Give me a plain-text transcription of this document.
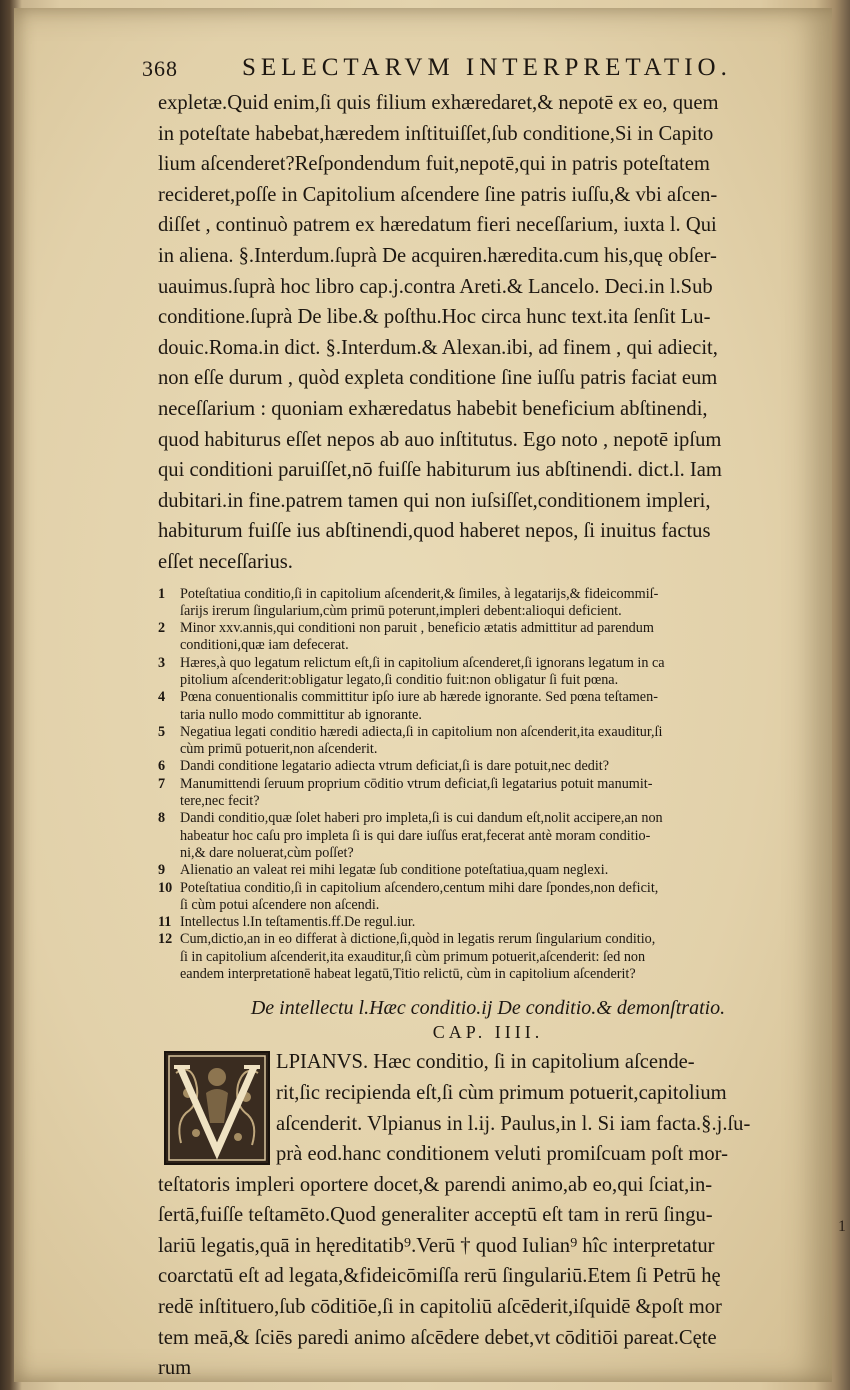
368	SELECTARVM INTERPRETATIO.
expletæ.Quid enim,ſi quis filium exhæredaret,& nepotē ex eo, quem
in poteſtate habebat,hæredem inſtituiſſet,ſub conditione,Si in Capito
lium aſcenderet?Reſpondendum fuit,nepotē,qui in patris poteſtatem
recideret,poſſe in Capitolium aſcendere ſine patris iuſſu,& vbi aſcen-
diſſet , continuò patrem ex hæredatum fieri neceſſarium, iuxta l. Qui
in aliena. §.Interdum.ſuprà De acquiren.hæredita.cum his,quę obſer-
uauimus.ſuprà hoc libro cap.j.contra Areti.& Lancelo. Deci.in l.Sub
conditione.ſuprà De libe.& poſthu.Hoc circa hunc text.ita ſenſit Lu-
douic.Roma.in dict. §.Interdum.& Alexan.ibi, ad finem , qui adiecit,
non eſſe durum , quòd expleta conditione ſine iuſſu patris faciat eum
neceſſarium : quoniam exhæredatus habebit beneficium abſtinendi,
quod habiturus eſſet nepos ab auo inſtitutus. Ego noto , nepotē ipſum
qui conditioni paruiſſet,nō fuiſſe habiturum ius abſtinendi. dict.l. Iam
dubitari.in fine.patrem tamen qui non iuſsiſſet,conditionem impleri,
habiturum fuiſſe ius abſtinendi,quod haberet nepos, ſi inuitus factus
eſſet neceſſarius.
1	Poteſtatiua conditio,ſi in capitolium aſcenderit,& ſimiles, à legatarijs,& fideicommiſ-
ſarijs irerum ſingularium,cùm primū poterunt,impleri debent:alioqui deficient.
2	Minor xxv.annis,qui conditioni non paruit , beneficio ætatis admittitur ad parendum
conditioni,quæ iam defecerat.
3	Hæres,à quo legatum relictum eſt,ſi in capitolium aſcenderet,ſi ignorans legatum in ca
pitolium aſcenderit:obligatur legato,ſi conditio fuit:non obligatur ſi fuit pœna.
4	Pœna conuentionalis committitur ipſo iure ab hærede ignorante. Sed pœna teſtamen-
taria nullo modo committitur ab ignorante.
5	Negatiua legati conditio hæredi adiecta,ſi in capitolium non aſcenderit,ita exauditur,ſi
cùm primū potuerit,non aſcenderit.
6	Dandi conditione legatario adiecta vtrum deficiat,ſi is dare potuit,nec dedit?
7	Manumittendi ſeruum proprium cōditio vtrum deficiat,ſi legatarius potuit manumit-
tere,nec fecit?
8	Dandi conditio,quæ ſolet haberi pro impleta,ſi is cui dandum eſt,nolit accipere,an non
habeatur hoc caſu pro impleta ſi is qui dare iuſſus erat,fecerat antè moram conditio-
ni,& dare noluerat,cùm poſſet?
9	Alienatio an valeat rei mihi legatæ ſub conditione poteſtatiua,quam neglexi.
10 Poteſtatiua conditio,ſi in capitolium aſcendero,centum mihi dare ſpondes,non deficit,
ſi cùm potui aſcendere non aſcendi.
11 Intellectus l.In teſtamentis.ff.De regul.iur.
12 Cum,dictio,an in eo differat à dictione,ſi,quòd in legatis rerum ſingularium conditio,
ſi in capitolium aſcenderit,ita exauditur,ſi cùm primum potuerit,aſcenderit: ſed non
eandem interpretationē habeat legatū,Titio relictū, cùm in capitolium aſcenderit?
De intellectu l.Hæc conditio.ij De conditio.& demonſtratio.
CAP. IIII.
LPIANVS. Hæc conditio, ſi in capitolium aſcende-
rit,ſic recipienda eſt,ſi cùm primum potuerit,capitolium
aſcenderit. Vlpianus in l.ij. Paulus,in l. Si iam facta.§.j.ſu-
prà eod.hanc conditionem veluti promiſcuam poſt mor-
teſtatoris impleri oportere docet,& parendi animo,ab eo,qui ſciat,in-
ſertā,fuiſſe teſtamēto.Quod generaliter acceptū eſt tam in rerū ſingu-
lariū legatis,quā in hęreditatib⁹.Verū † quod Iulian⁹ hîc interpretatur
coarctatū eſt ad legata,&fideicōmiſſa rerū ſingulariū.Etem ſi Petrū hę
redē inſtituero,ſub cōditiōe,ſi in capitoliū aſcēderit,iſquidē &poſt mor
tem meā,& ſciēs paredi animo aſcēdere debet,vt cōditiōi pareat.Cęte
rum
1
